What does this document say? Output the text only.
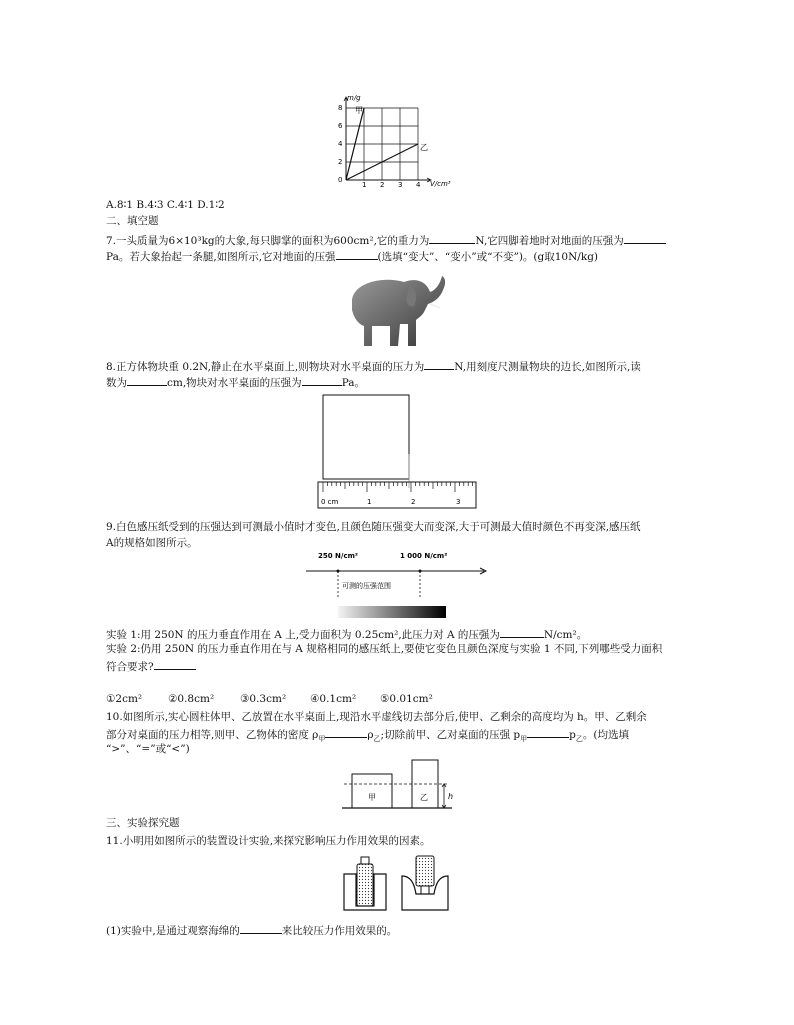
m/g
V/cm³
8
6
4
2
0
1 2 3 4
甲
乙
A.8∶1 B.4∶3 C.4∶1 D.1∶2
二、填空题
7.一头质量为6×10³kg的大象,每只脚掌的面积为600cm²,它的重力为	N,它四脚着地时对地面的压强为
Pa。若大象抬起一条腿,如图所示,它对地面的压强	(选填“变大”、“变小”或“不变”)。(g取10N/kg)
8.正方体物块重 0.2N,静止在水平桌面上,则物块对水平桌面的压力为	N,用刻度尺测量物块的边长,如图所示,读
数为	cm,物块对水平桌面的压强为	Pa。
0 cm	1	2	3
9.白色感压纸受到的压强达到可测最小值时才变色,且颜色随压强变大而变深,大于可测最大值时颜色不再变深,感压纸
A的规格如图所示。
250 N/cm²	1 000 N/cm²
可测的压强范围
实验 1:用 250N 的压力垂直作用在 A 上,受力面积为 0.25cm²,此压力对 A 的压强为	N/cm²。
实验 2:仍用 250N 的压力垂直作用在与 A 规格相同的感压纸上,要使它变色且颜色深度与实验 1 不同,下列哪些受力面积
符合要求?
①2cm² ②0.8cm² ③0.3cm² ④0.1cm² ⑤0.01cm²
10.如图所示,实心圆柱体甲、乙放置在水平桌面上,现沿水平虚线切去部分后,使甲、乙剩余的高度均为 h。甲、乙剩余
部分对桌面的压力相等,则甲、乙物体的密度 $\rho_甲$	$\rho_乙$;切除前甲、乙对桌面的压强 $p_甲$	$p_乙$。(均选填
“>”、“=”或“<”)
甲	乙	h
三、实验探究题
11.小明用如图所示的装置设计实验,来探究影响压力作用效果的因素。
(1)实验中,是通过观察海绵的	来比较压力作用效果的。
